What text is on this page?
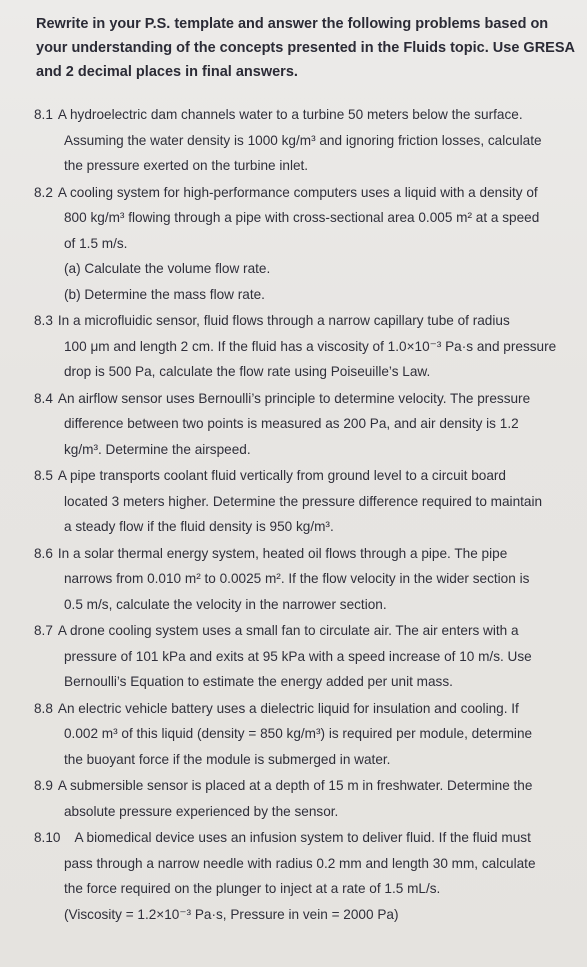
Rewrite in your P.S. template and answer the following problems based on
your understanding of the concepts presented in the Fluids topic. Use GRESA
and 2 decimal places in final answers.
8.1 A hydroelectric dam channels water to a turbine 50 meters below the surface.
Assuming the water density is 1000 kg/m³ and ignoring friction losses, calculate
the pressure exerted on the turbine inlet.
8.2 A cooling system for high-performance computers uses a liquid with a density of
800 kg/m³ flowing through a pipe with cross-sectional area 0.005 m² at a speed
of 1.5 m/s.
(a) Calculate the volume flow rate.
(b) Determine the mass flow rate.
8.3 In a microfluidic sensor, fluid flows through a narrow capillary tube of radius
100 μm and length 2 cm. If the fluid has a viscosity of 1.0×10⁻³ Pa·s and pressure
drop is 500 Pa, calculate the flow rate using Poiseuille’s Law.
8.4 An airflow sensor uses Bernoulli’s principle to determine velocity. The pressure
difference between two points is measured as 200 Pa, and air density is 1.2
kg/m³. Determine the airspeed.
8.5 A pipe transports coolant fluid vertically from ground level to a circuit board
located 3 meters higher. Determine the pressure difference required to maintain
a steady flow if the fluid density is 950 kg/m³.
8.6 In a solar thermal energy system, heated oil flows through a pipe. The pipe
narrows from 0.010 m² to 0.0025 m². If the flow velocity in the wider section is
0.5 m/s, calculate the velocity in the narrower section.
8.7 A drone cooling system uses a small fan to circulate air. The air enters with a
pressure of 101 kPa and exits at 95 kPa with a speed increase of 10 m/s. Use
Bernoulli’s Equation to estimate the energy added per unit mass.
8.8 An electric vehicle battery uses a dielectric liquid for insulation and cooling. If
0.002 m³ of this liquid (density = 850 kg/m³) is required per module, determine
the buoyant force if the module is submerged in water.
8.9 A submersible sensor is placed at a depth of 15 m in freshwater. Determine the
absolute pressure experienced by the sensor.
8.10 A biomedical device uses an infusion system to deliver fluid. If the fluid must
pass through a narrow needle with radius 0.2 mm and length 30 mm, calculate
the force required on the plunger to inject at a rate of 1.5 mL/s.
(Viscosity = 1.2×10⁻³ Pa·s, Pressure in vein = 2000 Pa)
